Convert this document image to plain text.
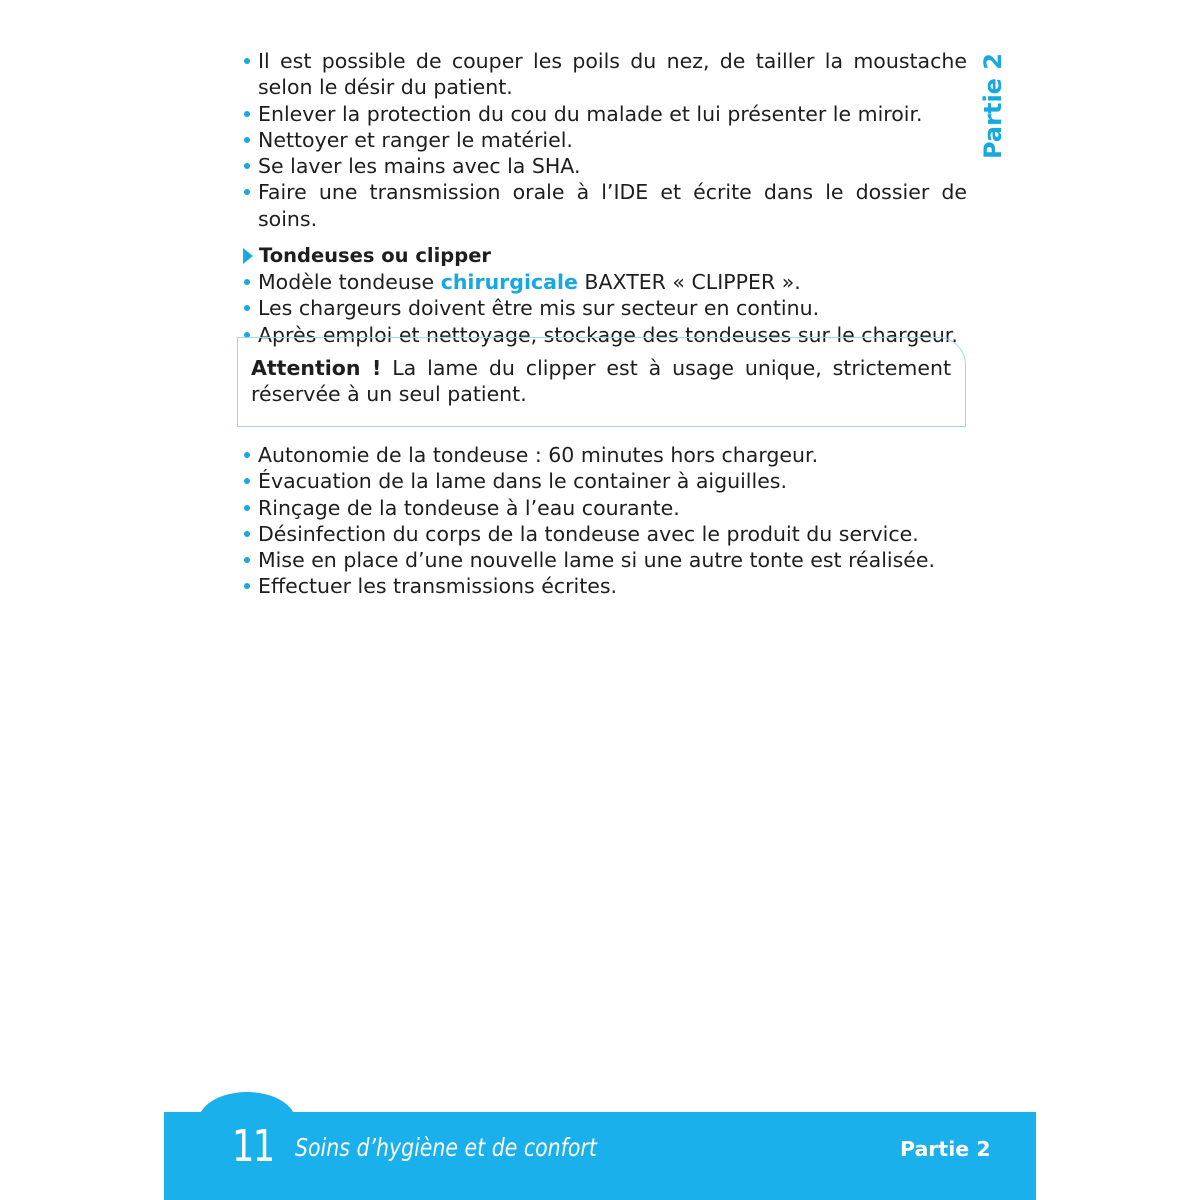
Partie 2
Il est possible de couper les poils du nez, de tailler la moustache selon le désir du patient.
Enlever la protection du cou du malade et lui présenter le miroir.
Nettoyer et ranger le matériel.
Se laver les mains avec la SHA.
Faire une transmission orale à l’IDE et écrite dans le dossier de soins.
Tondeuses ou clipper
Modèle tondeuse chirurgicale BAXTER « CLIPPER ».
Les chargeurs doivent être mis sur secteur en continu.
Après emploi et nettoyage, stockage des tondeuses sur le chargeur.
Attention ! La lame du clipper est à usage unique, strictement réservée à un seul patient.
Autonomie de la tondeuse : 60 minutes hors chargeur.
Évacuation de la lame dans le container à aiguilles.
Rinçage de la tondeuse à l’eau courante.
Désinfection du corps de la tondeuse avec le produit du service.
Mise en place d’une nouvelle lame si une autre tonte est réalisée.
Effectuer les transmissions écrites.
11 Soins d’hygiène et de confort	Partie 2
